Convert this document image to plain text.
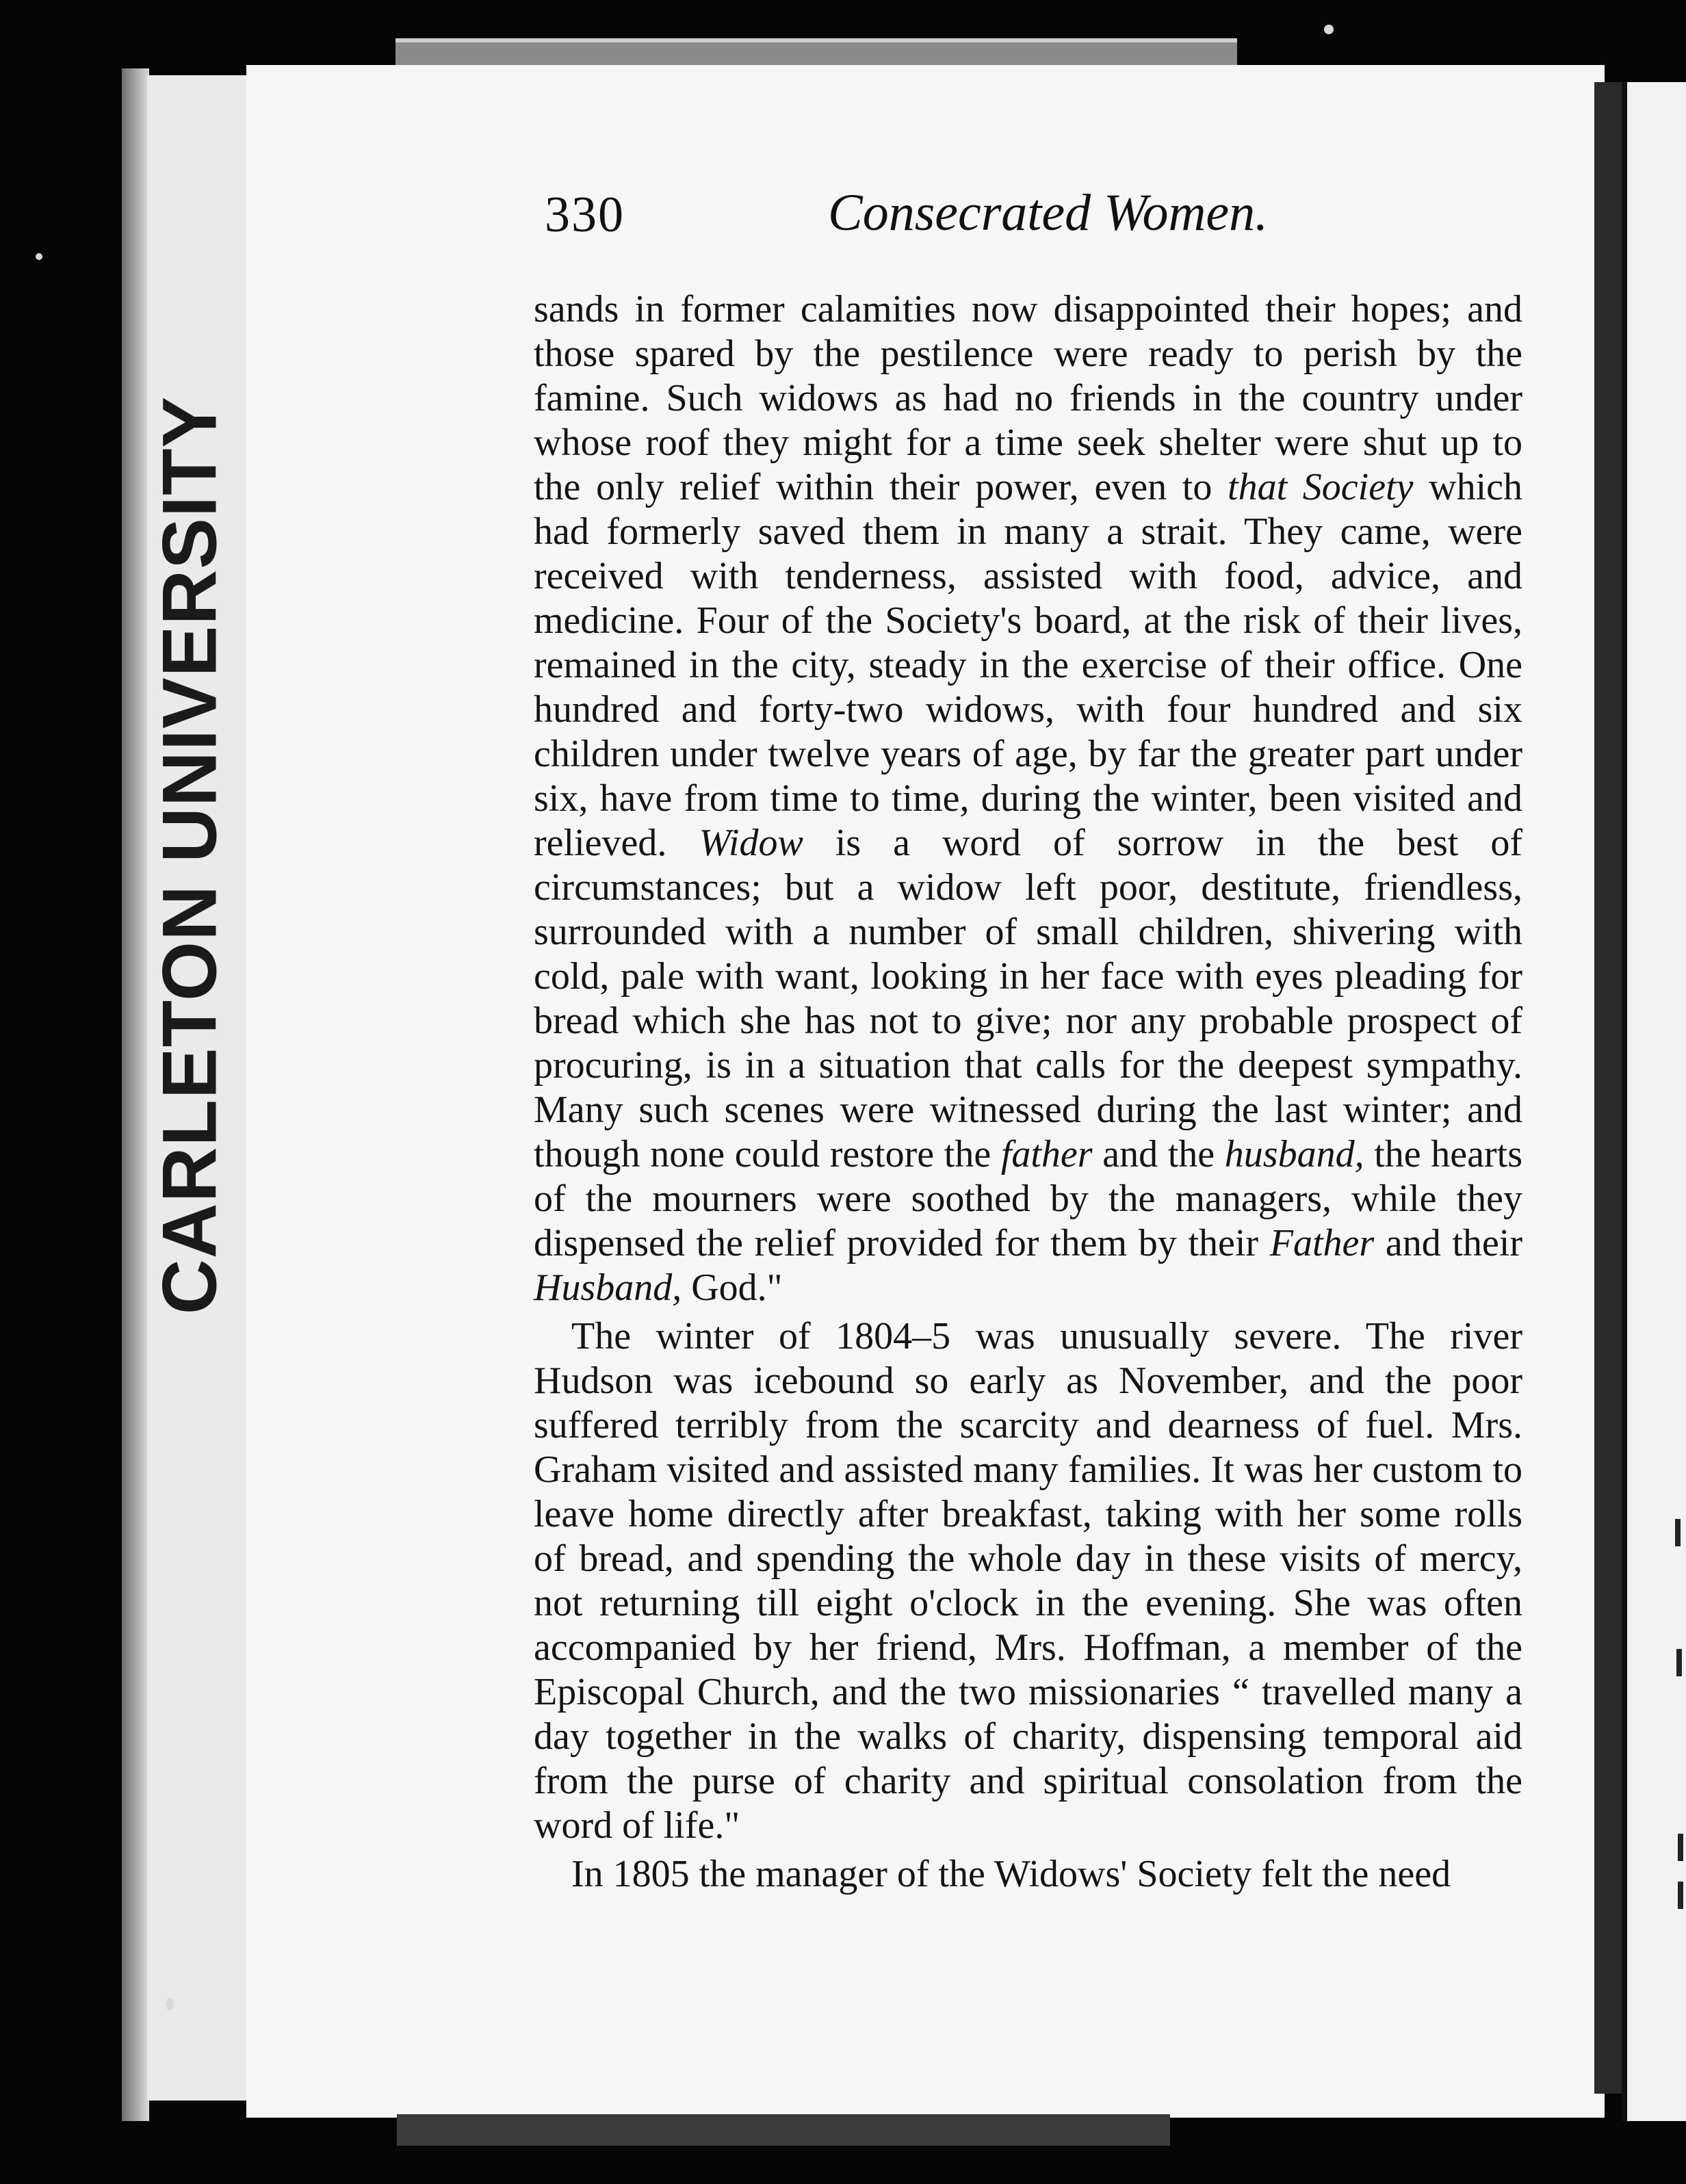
CARLETON UNIVERSITY
330	Consecrated Women.

sands in former calamities now disappointed their hopes; and those spared by the pestilence were ready to perish by the famine. Such widows as had no friends in the country under whose roof they might for a time seek shelter were shut up to the only relief within their power, even to that Society which had formerly saved them in many a strait. They came, were received with tenderness, assisted with food, advice, and medicine. Four of the Society's board, at the risk of their lives, remained in the city, steady in the exercise of their office. One hundred and forty-two widows, with four hundred and six children under twelve years of age, by far the greater part under six, have from time to time, during the winter, been visited and relieved. Widow is a word of sorrow in the best of circumstances; but a widow left poor, destitute, friendless, surrounded with a number of small children, shivering with cold, pale with want, looking in her face with eyes pleading for bread which she has not to give; nor any probable prospect of procuring, is in a situation that calls for the deepest sympathy. Many such scenes were witnessed during the last winter; and though none could restore the father and the husband, the hearts of the mourners were soothed by the managers, while they dispensed the relief provided for them by their Father and their Husband, God."

The winter of 1804–5 was unusually severe. The river Hudson was icebound so early as November, and the poor suffered terribly from the scarcity and dearness of fuel. Mrs. Graham visited and assisted many families. It was her custom to leave home directly after breakfast, taking with her some rolls of bread, and spending the whole day in these visits of mercy, not returning till eight o'clock in the evening. She was often accompanied by her friend, Mrs. Hoffman, a member of the Episcopal Church, and the two missionaries “ travelled many a day together in the walks of charity, dispensing temporal aid from the purse of charity and spiritual consolation from the word of life."

In 1805 the manager of the Widows' Society felt the need
